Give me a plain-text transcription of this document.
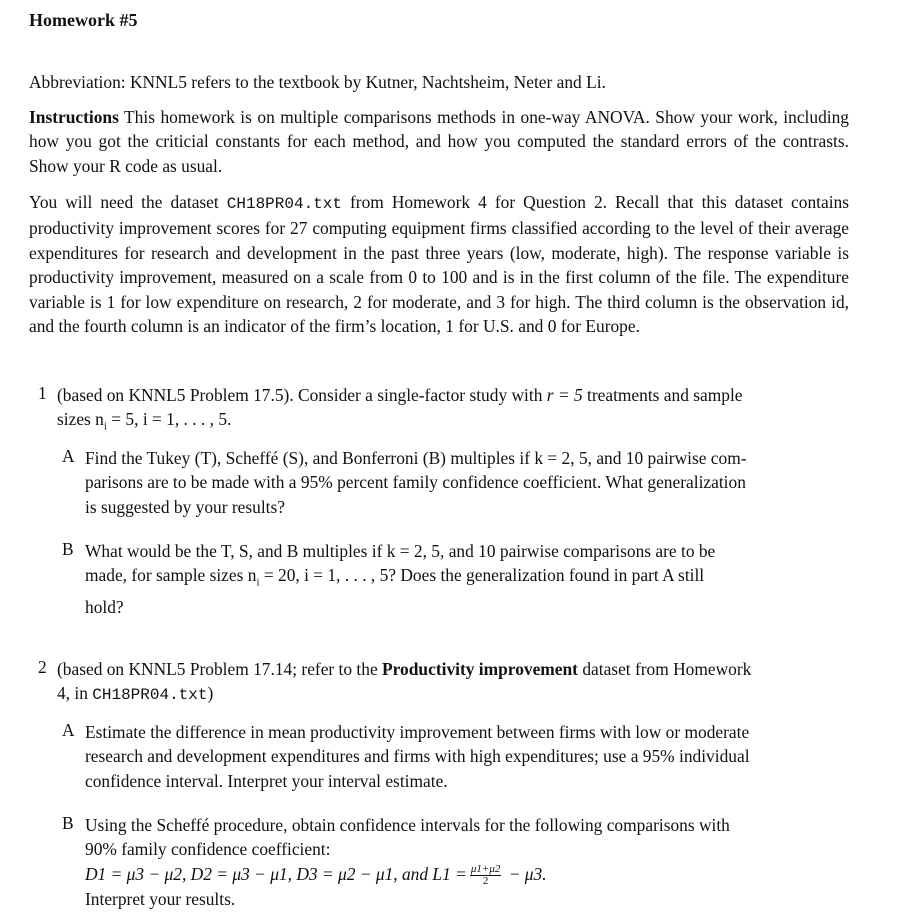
Homework #5
Abbreviation: KNNL5 refers to the textbook by Kutner, Nachtsheim, Neter and Li.
Instructions This homework is on multiple comparisons methods in one-way ANOVA. Show your work, including how you got the criticial constants for each method, and how you computed the standard errors of the contrasts. Show your R code as usual.
You will need the dataset CH18PR04.txt from Homework 4 for Question 2. Recall that this dataset contains productivity improvement scores for 27 computing equipment firms classified according to the level of their average expenditures for research and development in the past three years (low, moderate, high). The response variable is productivity improvement, measured on a scale from 0 to 100 and is in the first column of the file. The expenditure variable is 1 for low expenditure on research, 2 for moderate, and 3 for high. The third column is the observation id, and the fourth column is an indicator of the firm’s location, 1 for U.S. and 0 for Europe.
1 (based on KNNL5 Problem 17.5). Consider a single-factor study with r = 5 treatments and sample
sizes $n_i = 5$, i = 1, . . . , 5.
A Find the Tukey (T), Scheffé (S), and Bonferroni (B) multiples if k = 2, 5, and 10 pairwise com-
parisons are to be made with a 95% percent family confidence coefficient. What generalization
is suggested by your results?
B What would be the T, S, and B multiples if k = 2, 5, and 10 pairwise comparisons are to be
made, for sample sizes $n_i = 20$, i = 1, . . . , 5? Does the generalization found in part A still
hold?
2 (based on KNNL5 Problem 17.14; refer to the Productivity improvement dataset from Homework
4, in CH18PR04.txt)
A Estimate the difference in mean productivity improvement between firms with low or moderate
research and development expenditures and firms with high expenditures; use a 95% individual
confidence interval. Interpret your interval estimate.
B Using the Scheffé procedure, obtain confidence intervals for the following comparisons with
90% family confidence coefficient:
D1 = μ3 − μ2, D2 = μ3 − μ1, D3 = μ2 − μ1, and $L1 = \frac{\mu 1+\mu 2}{2} - \mu 3$.
Interpret your results.
